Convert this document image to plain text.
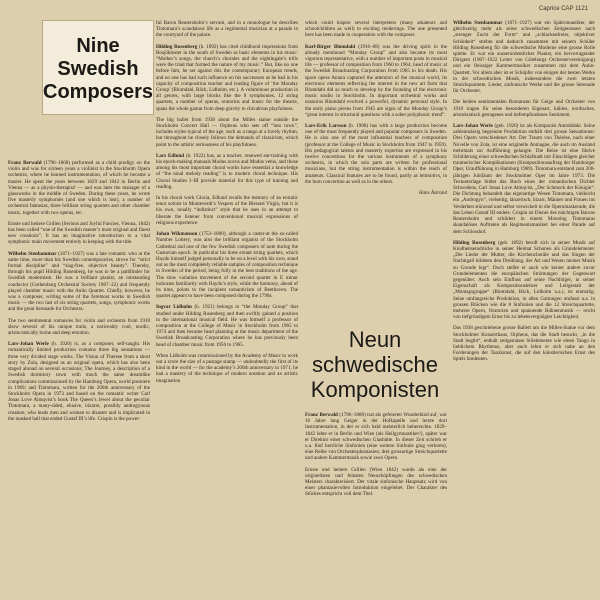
Caprice CAP 1121
Nine
Swedish
Composers

Franz Berwald (1796–1868) performed as a child prodigy on the violin and was for sixteen years a violinist in the Stockholm Opera orchestra, where he learned instrumentation, of which he became a master. He spent the years between 1829 and 1842 in Berlin and Vienna — as a physio-therapist! — and was later the manager of a glassworks in the middle of Sweden. During these years, he wrote five masterly symphonies (and one which is lost), a number of orchestral fantasias, three brilliant string quartets and other chamber music, together with two operas, etc.

Emste und heitere Grillen (Serious and Joyful Fancies, Vienna, 1842) has been called “one of the Swedish master’s most original and finest new creations”. It has an imaginative introduction to a vital symphonic main movement entirely in keeping with the title.

Wilhelm Stenhammar (1871–1927) was a late romantic who at the same time, more than his Swedish contemporaries, strove for “strict formal discipline” and “slag-free, objective beauty”. Thereby, through his pupil Hilding Rosenberg, he was to be a pathfinder for Swedish modernism. He was a brilliant pianist, an outstanding conductor (Gothenburg Orchestral Society 1907–22) and frequently played chamber music with the Aulin Quartet. Chiefly, however, he was a composer, writing some of the foremost works in Swedish music — the two last of six string quartets, songs, symphonic works and the great Serenade for Orchestra.

The two sentimental romances for violin and orchestra from 1910 show several of his unique traits, a noticeably cool, nordic, aristocratically borne and deep emotion.

Lars-Johan Werle (b. 1926) is, as a composer, self-taught. His romantically limited production contains three big sensations — three very divided stage works. The Vision of Therese from a short story by Zola, designed as an original opera, which has also been staged abroad on several occasions; The Journey, a description of a Swedish dormitory town with much the same dreamlike complications commissioned by the Hamburg Opera, world premiere in 1969; and Tintomara, written for the 200th anniversary of the Stockholm Opera in 1973 and based on the romantic writer Carl Jonas Love Almqvist’s book The Queen’s Jewel about the peculiar Tintomara, a many-sided, elusive, bizarre, possibly androgynous creature, who leads men and women to disaster and is implicated in the masked ball that ended Gustaf III’s life. Crispin is the power-

ful Baron Reutersholm’s servant, and in a monologue he describes Tintomara’s scandalous life as a regimental musician at a parade in the courtyard of the palace.

Hilding Rosenberg (b. 1892) has cited childhood impressions from Bosjökloster in the south of Sweden as basic elements in his music: “Mother’s songs, the church’s chorales and the nightingale’s trills were the triad that formed the nature of my music.” But, like no one before him, he set against this the contemporary European trends, and no one has had such influence on his successors as he had in his capacity of composition teacher and leading figure of ‘the Monday Group’ (Blomdahl, Bäck, Lidholm, etc.). A voluminous production in all genres, with large blocks like the 8 symphonies, 12 string quartets, a number of operas, oratorios and music for the theatre, spans the whole gamut from deep gravity to chivalrous playfulness.

The big ballet from 1938 about the Milles statue outside the Stockholm Concert Hall — Orpheus who sets off “into town”, includes styles typical of the age, such as a tango at a lovely rhythm, but throughout he closely follows the demands of classicism, which point to the artistic seriousness of his playfulness.

Lars Edlund (b. 1922) has, as a teacher, renewed ear-training with his epoch-making manuals Modus novus and Modus vetus, and those among his most important choral works have essential a knowledge of “the tonal melody reading” is to modern choral technique. His Choral Studies I–III provide material for this type of training and reading.

In his choral work Gloria, Edlund recalls the memory of an ecstatic tenor soloist in Monteverdi’s Vespers of the Blessed Virgin, but it is his own, tonally “indistinct” style that he uses in an attempt to liberate the listener from conventional musical expressions of religious experience.

Johan Wikmanson (1753–1800), although a caster-at the so-called Number Lottery, was also the brilliant organist of the Stockholm Cathedral and one of the few Swedish composers of note during the Gustavian epoch. In particular his three extant string quartets, which Haydn himself judged personally to be on a level with his own, stand out as the most completely reliable samples of composition technique in Sweden of the period, being fully in the best traditions of the age. The slow variation movement of the second quartet in E minor indicates familiarity with Haydn’s style, while the harmony, ahead of its time, points to the incipient romanticism of Beethoven. The quartet appears to have been composed during the 1790s.

Ingvar Lidholm (b. 1921) belongs to “the Monday Group” that studied under Hilding Rosenberg and then swiftly gained a position in the international musical field. He was himself a professor of composition at the College of Music in Stockholm from 1965 to 1974 and then became head planning at the music department of the Swedish Broadcasting Corporation where he has previously been head of chamber music from 1956 to 1965.

When Lidholm was commissioned by the Academy of Music to work out a score the size of a postage stamp — undoubtedly the first of its kind in the world — for the academy’s 200th anniversary in 1971, he had a mastery of the technique of modern notation and an artistic imagination

which could inspire several interpreters (many amateurs and schoolchildren as well) to exciting renderings. The one presented here has been made in cooperation with the composer.

Karl-Birger Blomdahl (1916–68) was the driving spirit in the already mentioned “Monday Group” and also became its most vigorous representative, with a number of important posts in musical life — professor of composition from 1960 to 1964, head of music at the Swedish Broadcasting Corporation from 1965 to his death. His space opera Aniara captured the attention of the musical world, its electronic elements reflecting the interest in the new art form that Blomdahl did so much to develop by the founding of the electronic music studio in Stockholm. In important orchestral works and oratorios Blomdahl evolved a powerful, dynamic personal style. In the early piano pieces from 1945 are signs of the Monday Group’s “great interest in structural questions with a sober polyphonic trend”.

Lars-Erik Larsson (b. 1908) has with a large production become one of the most frequently played and popular composers in Sweden. He is also one of the most influential teachers of composition (professor at the College of Music in Stockholm from 1947 to 1959). His pedagogical talents and masterly expertise are expressed in his twelve concertinos for the various instruments of a symphony orchestra, in which the solo parts are written for professional musicians, but the string instrumentation is within the reach of amateurs. Classical features are to be found, partly as leitmotivs, in the horn concertino as well as in the others.

Hans Åstrand

Neun
schwedische
Komponisten

Franz Berwald (1796–1868) trat als gefeierter Wunderkind auf, war 16 Jahre lang Geiger in der Hofkapelle und lernte dort Instrumentation, in der er sich bald meisterlich beherrschte. 1829–1842 lebte er in Berlin und Wien (als Heilgymnastiker!), später war er Direktor einer schwedischen Glashütte. In dieser Zeit schrieb er u.a. fünf herrliche Sinfonien (eine weitere Sinfonie ging verloren), eine Reihe von Orchesterphantasien, drei grossartige Streichquartette und andere Kammermusik sowie zwei Opern.

Ernste und heitere Grillen (Wien 1842) wurde als eine der originellsten und feinsten Neuschöpfungen des schwedischen Meisters charakterisiert. Der vitale sinfonische Hauptsatz wird von einer phantasievollen Introduktion eingeleitet. Der Charakter des Stückes entspricht voll dem Titel.

Wilhelm Stenhammar (1871–1927) war ein Spätromantiker, der gleichzeitig mehr als seine schwedischen Zeitgenossen nach „strenger Zucht der Form“ und „schlackenfreier, objektiver Schönheit“ strebte und dadurch zusammen mit seinem Schüler Hilding Rosenberg für die schwedische Moderne eine grosse Rolle spielte. Er war ein ausserordentlicher Pianist, ein hervorragender Dirigent (1907–1922 Leiter von Göteborgs Orchestervereinigung) und ein fleissiger Kammermusiker zusammen mit dem Aulin-Quartett. Vor allem aber ist er Schöpfer von einigen der besten Werke in der schwedischen Musik, insbesondere die zwei letzten Streichquartette, Lieder, sinfonische Werke und die grosse Serenade für Orchester.

Die beiden sentimentalen Romanzen für Geige und Orchester von 1910 tragen für seine besonderen Eigenart, kühles, nordisches, aristokratisch getragenes und tiefempfundenes Sentiment.

Lars-Johan Werle (geb. 1926) ist als Komponist Autodidakt. Seine zahlenmässig begrenzte Produktion enthält drei grosse Sensationen: Drei Opern verschiedener Art. Der Traum von Thérèse, nach einer Novelle von Zola, ist eine originelle Anmagne, die auch im Ausland mehrmals zur Aufführung gelangte. Die Reise ist eine fiktive Schilderung einer schwedischen Schlafstadt mit Einschlägen gleicher traumerischer Komplikationen (Kompositionsauftrag der Hamburger Oper, Uraufführung in Hamburg 1969). Tintomara entstand zum 200-jährigen Jubiläum der Stockholmer Oper im Jahre 1973. Die Textunterlage bildet das Buch eines der romantischen Dichter Schwedens, Carl Jonas Love Almqvist, „Der Schmuck der Königin“. Die Dichtung behandelt das eigenartige Wesen Tintomara, vielleicht ein „Androgyn“, vielseitig, tänzerisch, bizarr, Männer und Frauen ins Verderben stürzend und selbst verwickelt in die Opernmaskerade, die das Leben Gustaf III endete. Crispin ist Diener des mächtigen Barons Reutersholm und schildert in einem Monolog Tintomaras skandalöses Auftreten als Regimentsmusiker bei einer Parade auf dem Schlosshof.

Hilding Rosenberg (geb. 1892) beruft sich in seiner Musik auf Kindheitseindrücke in seiner Heimat Schonen als Grundelemente: „Die Lieder der Mutter, die Kirchenchoräle und das Singen der Nachtigall bildeten den Dreiklang, der Art und Wesen meiner Musik zu Grunde legt“. Doch stellte er auch wie keiner andere zuvor Grundelementen die europäischen Strömungen der Gegenwart gegenüber. Auch sein Einfluss auf seine Nachfolger, in seiner Eigenschaft als Kompositionslehrer und Leitgestalt der „Montagsgruppe“ (Blomdahl, Bäck, Lidholm u.a.), ist einmalig. Seine umfangreiche Produktion, in allen Gattungen umfasst u.a. in grossen Blöcken wie die 8 Sinfonien und die 12 Streichquartette, mehrere Opern, Oratorien und spannende Bühnenmusik — reicht von tiefgründigem Ernst bis zu lebensvergnügter Leichtigkeit.

Das 1938 geschriebene grosse Ballett um die Milles-Statue vor dem Stockholmer Konzerthaus, Orpheus, das die Stadt besucht, „in die Stadt begibt“, enthält zeitgemässe Stilelemente wie einen Tango in lieblichem Rhythmus, aber auch lehnt er sich nahe an den Forderungen der Tanzkunst, die auf den künstlerischen Ernst des Spiels hindeuten.
